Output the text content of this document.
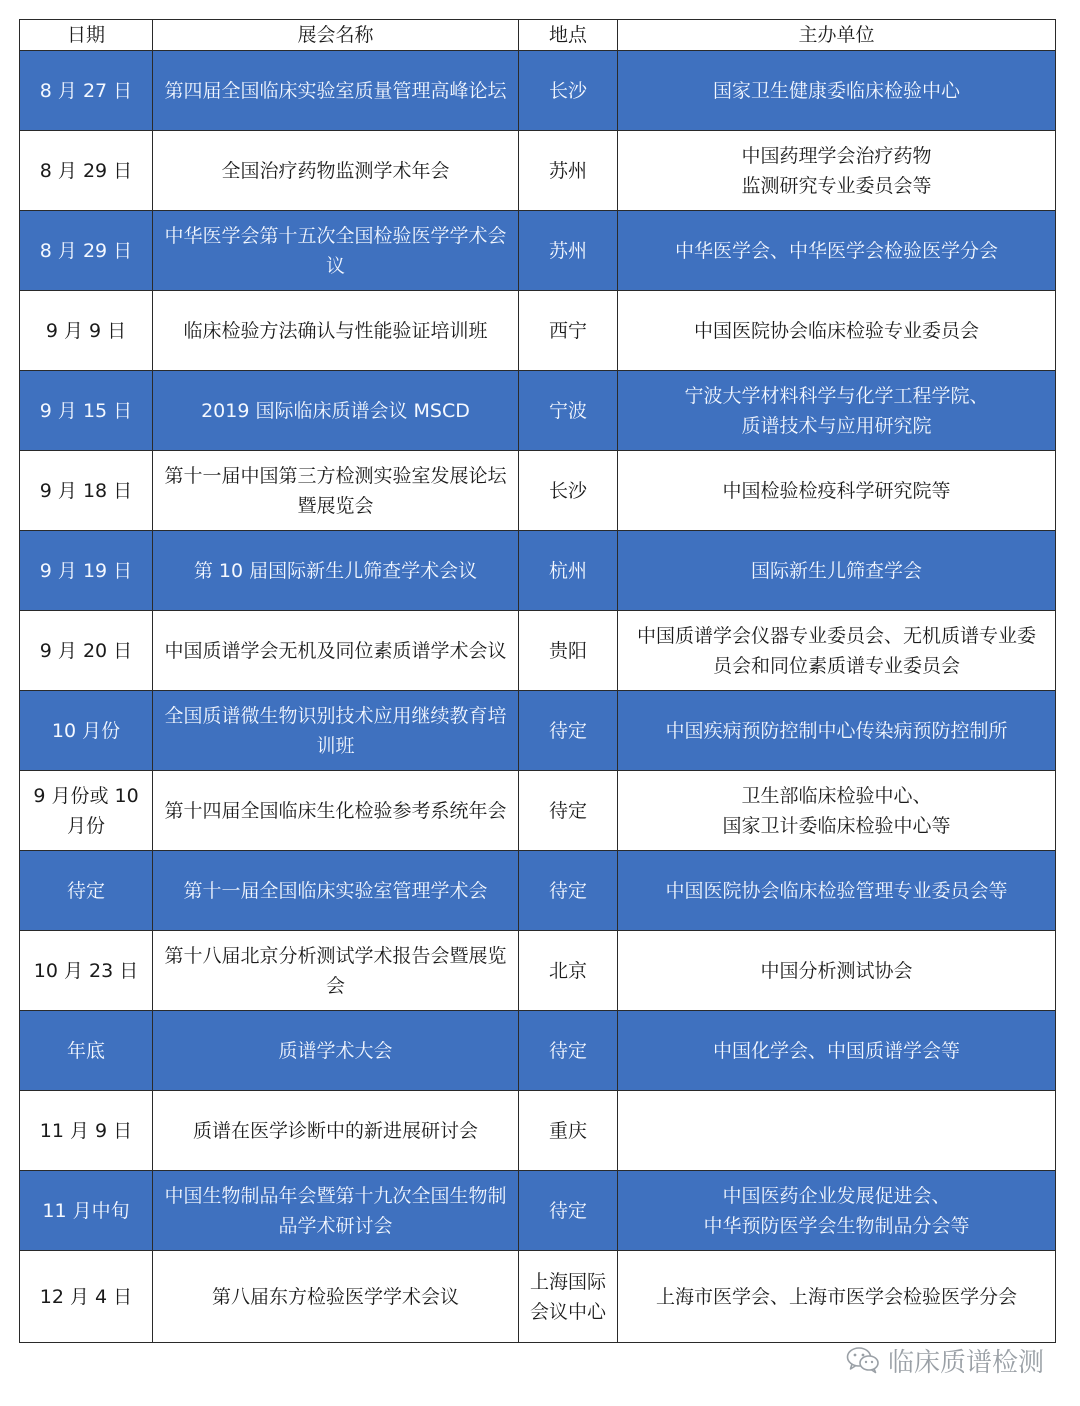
日期	展会名称	地点	主办单位
8 月 27 日	第四届全国临床实验室质量管理高峰论坛	长沙	国家卫生健康委临床检验中心
8 月 29 日	全国治疗药物监测学术年会	苏州	中国药理学会治疗药物
监测研究专业委员会等
8 月 29 日	中华医学会第十五次全国检验医学学术会议	苏州	中华医学会、中华医学会检验医学分会
9 月 9 日	临床检验方法确认与性能验证培训班	西宁	中国医院协会临床检验专业委员会
9 月 15 日	2019 国际临床质谱会议 MSCD	宁波	宁波大学材料科学与化学工程学院、
质谱技术与应用研究院
9 月 18 日	第十一届中国第三方检测实验室发展论坛暨展览会	长沙	中国检验检疫科学研究院等
9 月 19 日	第 10 届国际新生儿筛查学术会议	杭州	国际新生儿筛查学会
9 月 20 日	中国质谱学会无机及同位素质谱学术会议	贵阳	中国质谱学会仪器专业委员会、无机质谱专业委员会和同位素质谱专业委员会
10 月份	全国质谱微生物识别技术应用继续教育培训班	待定	中国疾病预防控制中心传染病预防控制所
9 月份或 10 月份	第十四届全国临床生化检验参考系统年会	待定	卫生部临床检验中心、
国家卫计委临床检验中心等
待定	第十一届全国临床实验室管理学术会	待定	中国医院协会临床检验管理专业委员会等
10 月 23 日	第十八届北京分析测试学术报告会暨展览会	北京	中国分析测试协会
年底	质谱学术大会	待定	中国化学会、中国质谱学会等
11 月 9 日	质谱在医学诊断中的新进展研讨会	重庆	
11 月中旬	中国生物制品年会暨第十九次全国生物制品学术研讨会	待定	中国医药企业发展促进会、
中华预防医学会生物制品分会等
12 月 4 日	第八届东方检验医学学术会议	上海国际会议中心	上海市医学会、上海市医学会检验医学分会
临床质谱检测
